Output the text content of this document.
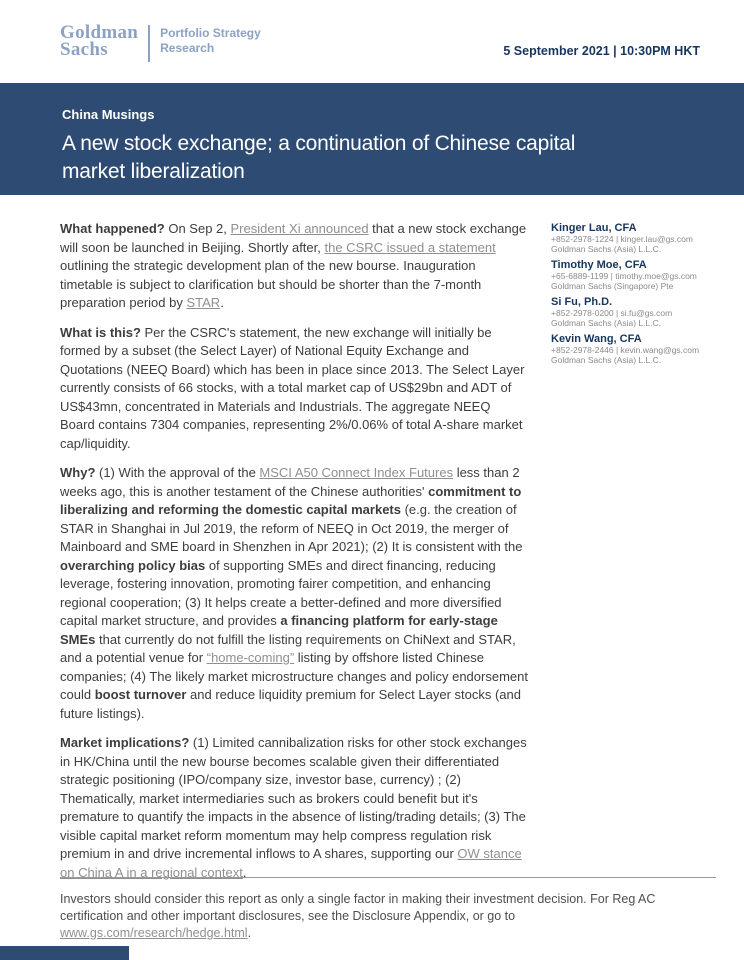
Goldman
Sachs
Portfolio Strategy
Research	5 September 2021 | 10:30PM HKT

China Musings

A new stock exchange; a continuation of Chinese capital market liberalization

What happened? On Sep 2, President Xi announced that a new stock exchange will soon be launched in Beijing. Shortly after, the CSRC issued a statement outlining the strategic development plan of the new bourse. Inauguration timetable is subject to clarification but should be shorter than the 7-month preparation period by STAR.

What is this? Per the CSRC's statement, the new exchange will initially be formed by a subset (the Select Layer) of National Equity Exchange and Quotations (NEEQ Board) which has been in place since 2013. The Select Layer currently consists of 66 stocks, with a total market cap of US$29bn and ADT of US$43mn, concentrated in Materials and Industrials. The aggregate NEEQ Board contains 7304 companies, representing 2%/0.06% of total A-share market cap/liquidity.

Why? (1) With the approval of the MSCI A50 Connect Index Futures less than 2 weeks ago, this is another testament of the Chinese authorities' commitment to liberalizing and reforming the domestic capital markets (e.g. the creation of STAR in Shanghai in Jul 2019, the reform of NEEQ in Oct 2019, the merger of Mainboard and SME board in Shenzhen in Apr 2021); (2) It is consistent with the overarching policy bias of supporting SMEs and direct financing, reducing leverage, fostering innovation, promoting fairer competition, and enhancing regional cooperation; (3) It helps create a better-defined and more diversified capital market structure, and provides a financing platform for early-stage SMEs that currently do not fulfill the listing requirements on ChiNext and STAR, and a potential venue for “home-coming” listing by offshore listed Chinese companies; (4) The likely market microstructure changes and policy endorsement could boost turnover and reduce liquidity premium for Select Layer stocks (and future listings).

Market implications? (1) Limited cannibalization risks for other stock exchanges in HK/China until the new bourse becomes scalable given their differentiated strategic positioning (IPO/company size, investor base, currency) ; (2) Thematically, market intermediaries such as brokers could benefit but it's premature to quantify the impacts in the absence of listing/trading details; (3) The visible capital market reform momentum may help compress regulation risk premium in and drive incremental inflows to A shares, supporting our OW stance on China A in a regional context.

Kinger Lau, CFA
+852-2978-1224 | kinger.lau@gs.com
Goldman Sachs (Asia) L.L.C.
Timothy Moe, CFA
+65-6889-1199 | timothy.moe@gs.com
Goldman Sachs (Singapore) Pte
Si Fu, Ph.D.
+852-2978-0200 | si.fu@gs.com
Goldman Sachs (Asia) L.L.C.
Kevin Wang, CFA
+852-2978-2446 | kevin.wang@gs.com
Goldman Sachs (Asia) L.L.C.
Investors should consider this report as only a single factor in making their investment decision. For Reg AC certification and other important disclosures, see the Disclosure Appendix, or go to www.gs.com/research/hedge.html.
